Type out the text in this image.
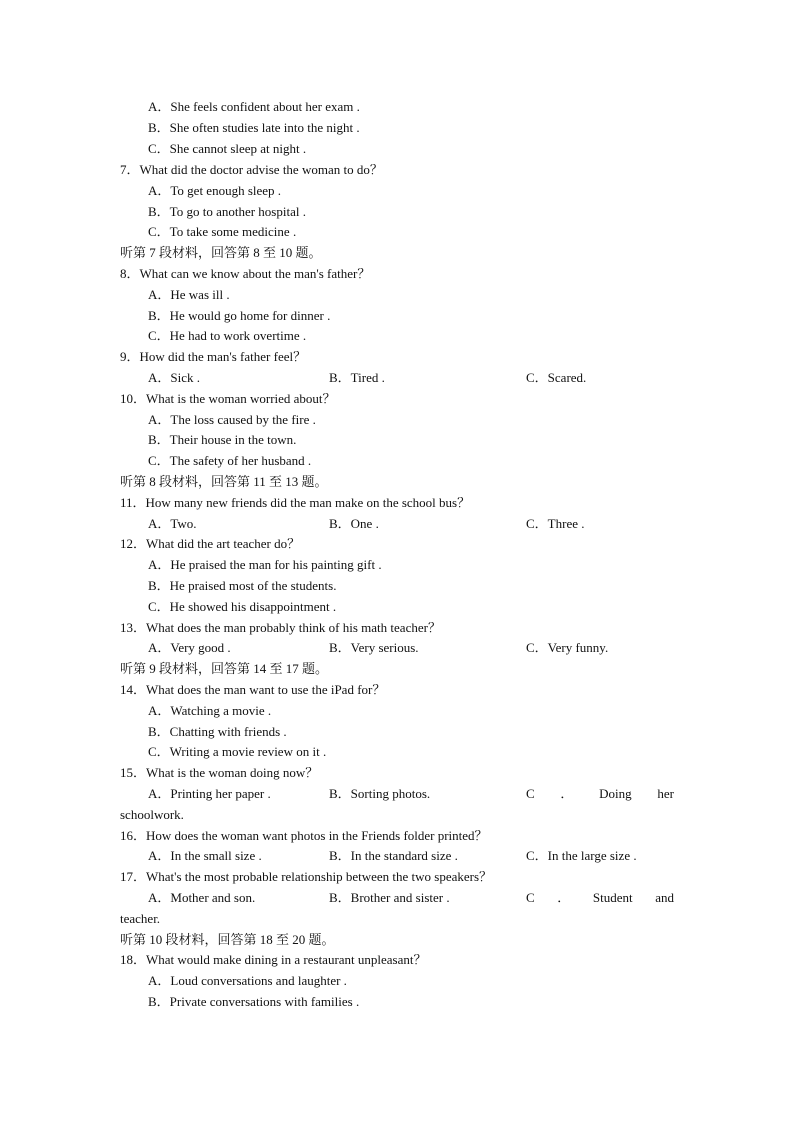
A．She feels confident about her exam .
B．She often studies late into the night .
C．She cannot sleep at night .
7．What did the doctor advise the woman to do？
A．To get enough sleep .
B．To go to another hospital .
C．To take some medicine .
听第 7 段材料，回答第 8 至 10 题。
8．What can we know about the man's father？
A．He was ill .
B．He would go home for dinner .
C．He had to work overtime .
9．How did the man's father feel？
A．Sick .	B．Tired .	C．Scared.
10．What is the woman worried about？
A．The loss caused by the fire .
B．Their house in the town.
C．The safety of her husband .
听第 8 段材料，回答第 11 至 13 题。
11．How many new friends did the man make on the school bus？
A．Two.	B．One .	C．Three .
12．What did the art teacher do？
A．He praised the man for his painting gift .
B．He praised most of the students.
C．He showed his disappointment .
13．What does the man probably think of his math teacher？
A．Very good .	B．Very serious.	C．Very funny.
听第 9 段材料，回答第 14 至 17 题。
14．What does the man want to use the iPad for？
A．Watching a movie .
B．Chatting with friends .
C．Writing a movie review on it .
15．What is the woman doing now？
A．Printing her paper .	B．Sorting photos.	C ． Doing her
schoolwork.
16．How does the woman want photos in the Friends folder printed？
A．In the small size .	B．In the standard size .	C．In the large size .
17．What's the most probable relationship between the two speakers？
A．Mother and son.	B．Brother and sister .	C ． Student and
teacher.
听第 10 段材料，回答第 18 至 20 题。
18．What would make dining in a restaurant unpleasant？
A．Loud conversations and laughter .
B．Private conversations with families .
